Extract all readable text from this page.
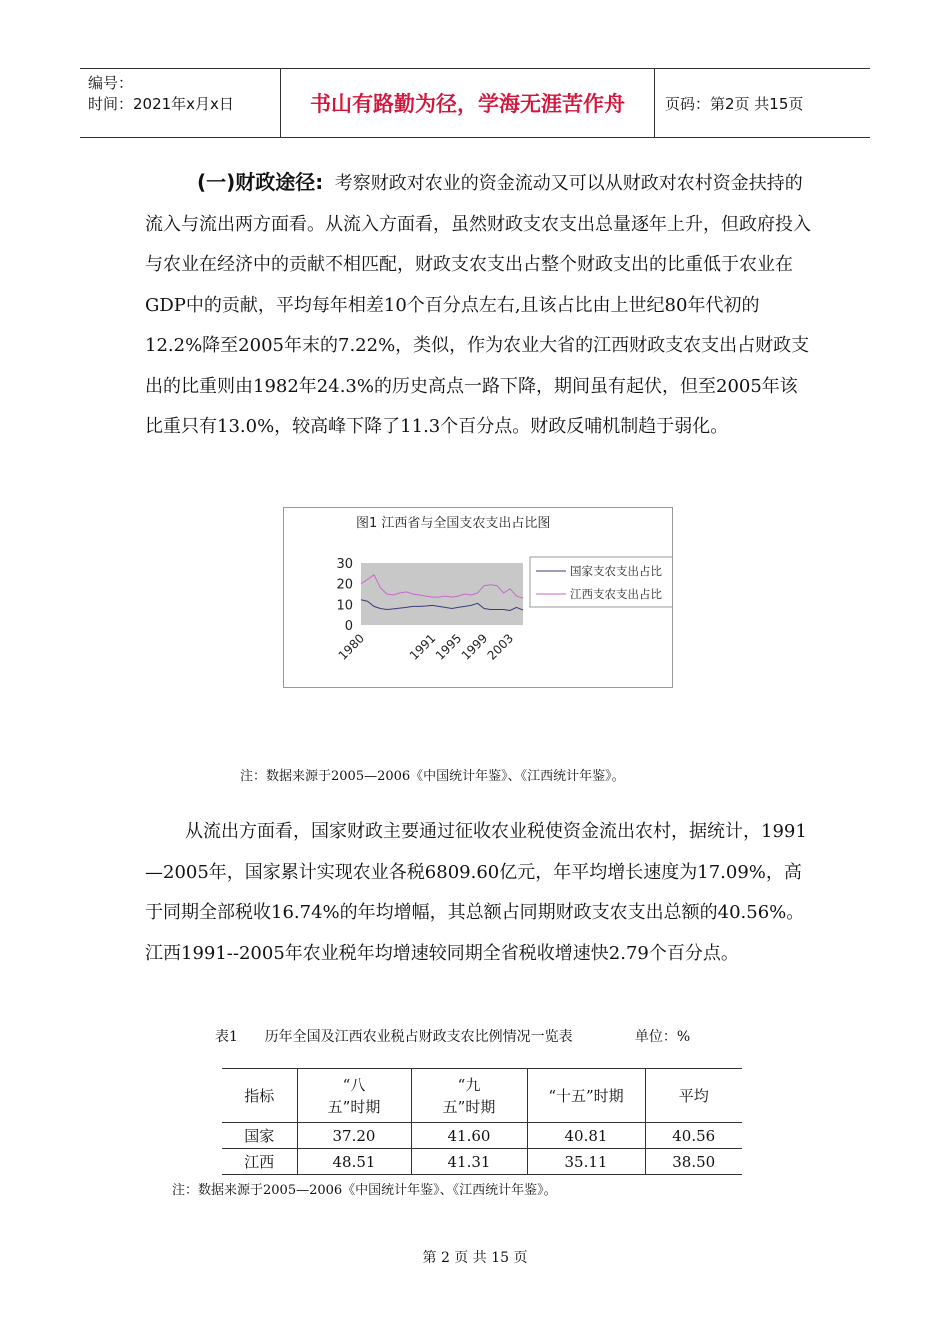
编号：
时间：2021年x月x日	书山有路勤为径，学海无涯苦作舟	页码：第2页 共15页
(一)财政途径: 考察财政对农业的资金流动又可以从财政对农村资金扶持的流入与流出两方面看。从流入方面看，虽然财政支农支出总量逐年上升，但政府投入与农业在经济中的贡献不相匹配，财政支农支出占整个财政支出的比重低于农业在GDP中的贡献，平均每年相差10个百分点左右,且该占比由上世纪80年代初的12.2%降至2005年末的7.22%，类似，作为农业大省的江西财政支农支出占财政支出的比重则由1982年24.3%的历史高点一路下降，期间虽有起伏，但至2005年该比重只有13.0%，较高峰下降了11.3个百分点。财政反哺机制趋于弱化。
图1 江西省与全国支农支出占比图
0
10
20
30
1980	1991
1995
1999
2003
国家支农支出占比
江西支农支出占比
注：数据来源于2005—2006《中国统计年鉴》、《江西统计年鉴》。
从流出方面看，国家财政主要通过征收农业税使资金流出农村，据统计，1991—2005年，国家累计实现农业各税6809.60亿元，年平均增长速度为17.09%，高于同期全部税收16.74%的年均增幅，其总额占同期财政支农支出总额的40.56%。江西1991--2005年农业税年均增速较同期全省税收增速快2.79个百分点。
表1      历年全国及江西农业税占财政支农比例情况一览表              单位：%
指标	“八五”时期	“九五”时期	“十五”时期	平均
国家	37.20	41.60	40.81	40.56
江西	48.51	41.31	35.11	38.50
注：数据来源于2005—2006《中国统计年鉴》、《江西统计年鉴》。
第 2 页 共 15 页
